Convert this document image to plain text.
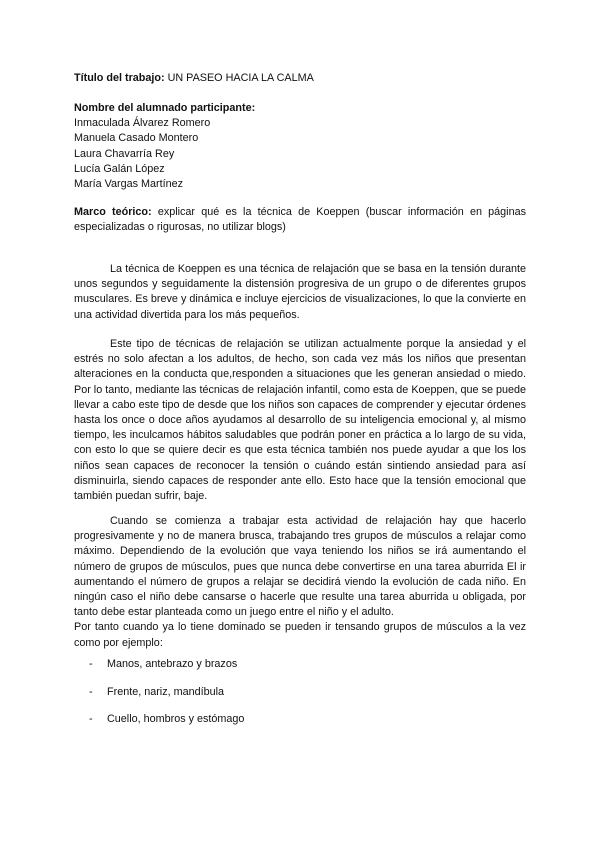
Título del trabajo: UN PASEO HACIA LA CALMA
Nombre del alumnado participante:
Inmaculada Álvarez Romero
Manuela Casado Montero
Laura Chavarría Rey
Lucía Galán López
María Vargas Martínez
Marco teórico: explicar qué es la técnica de Koeppen (buscar información en páginas especializadas o rigurosas, no utilizar blogs)

La técnica de Koeppen es una técnica de relajación que se basa en la tensión durante unos segundos y seguidamente la distensión progresiva de un grupo o de diferentes grupos musculares. Es breve y dinámica e incluye ejercicios de visualizaciones, lo que la convierte en una actividad divertida para los más pequeños.

Este tipo de técnicas de relajación se utilizan actualmente porque la ansiedad y el estrés no solo afectan a los adultos, de hecho, son cada vez más los niños que presentan alteraciones en la conducta que,responden a situaciones que les generan ansiedad o miedo. Por lo tanto, mediante las técnicas de relajación infantil, como esta de Koeppen, que se puede llevar a cabo este tipo de desde que los niños son capaces de comprender y ejecutar órdenes hasta los once o doce años ayudamos al desarrollo de su inteligencia emocional y, al mismo tiempo, les inculcamos hábitos saludables que podrán poner en práctica a lo largo de su vida, con esto lo que se quiere decir es que esta técnica también nos puede ayudar a que los los niños sean capaces de reconocer la tensión o cuándo están sintiendo ansiedad para así disminuirla, siendo capaces de responder ante ello. Esto hace que la tensión emocional que también puedan sufrir, baje.

Cuando se comienza a trabajar esta actividad de relajación hay que hacerlo progresivamente y no de manera brusca, trabajando tres grupos de músculos a relajar como máximo. Dependiendo de la evolución que vaya teniendo los niños se irá aumentando el número de grupos de músculos, pues que nunca debe convertirse en una tarea aburrida El ir aumentando el número de grupos a relajar se decidirá viendo la evolución de cada niño. En ningún caso el niño debe cansarse o hacerle que resulte una tarea aburrida u obligada, por tanto debe estar planteada como un juego entre el niño y el adulto.

Por tanto cuando ya lo tiene dominado se pueden ir tensando grupos de músculos a la vez como por ejemplo:

- Manos, antebrazo y brazos
- Frente, nariz, mandíbula
- Cuello, hombros y estómago
